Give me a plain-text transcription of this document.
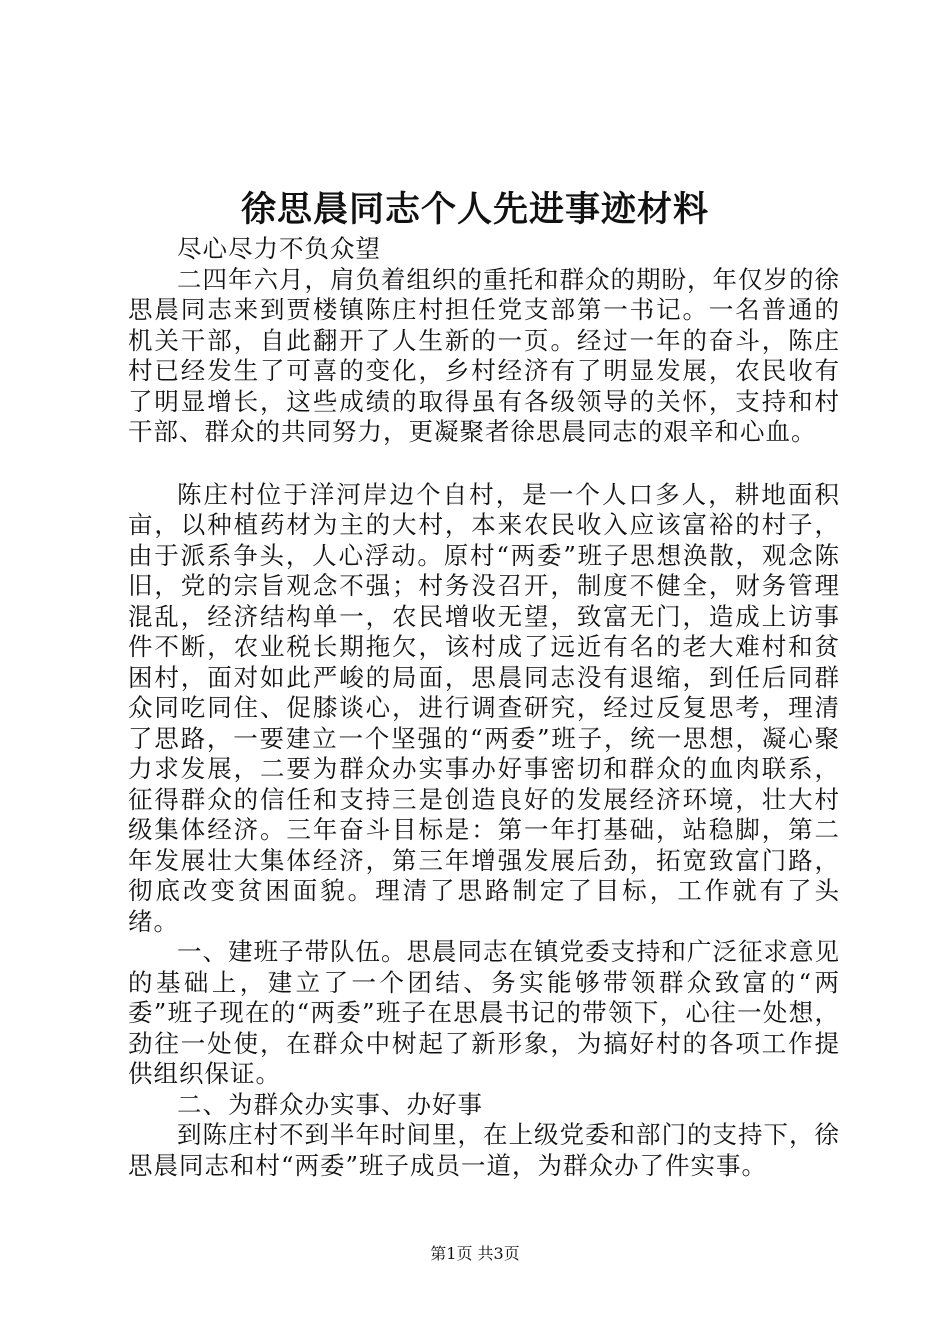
徐思晨同志个人先进事迹材料

尽心尽力不负众望

二四年六月，肩负着组织的重托和群众的期盼，年仅岁的徐思晨同志来到贾楼镇陈庄村担任党支部第一书记。一名普通的机关干部，自此翻开了人生新的一页。经过一年的奋斗，陈庄村已经发生了可喜的变化，乡村经济有了明显发展，农民收有了明显增长，这些成绩的取得虽有各级领导的关怀，支持和村干部、群众的共同努力，更凝聚者徐思晨同志的艰辛和心血。

陈庄村位于洋河岸边个自村，是一个人口多人，耕地面积亩，以种植药材为主的大村，本来农民收入应该富裕的村子，由于派系争头，人心浮动。原村“两委”班子思想涣散，观念陈旧，党的宗旨观念不强；村务没召开，制度不健全，财务管理混乱，经济结构单一，农民增收无望，致富无门，造成上访事件不断，农业税长期拖欠，该村成了远近有名的老大难村和贫困村，面对如此严峻的局面，思晨同志没有退缩，到任后同群众同吃同住、促膝谈心，进行调查研究，经过反复思考，理清了思路，一要建立一个坚强的“两委”班子，统一思想，凝心聚力求发展，二要为群众办实事办好事密切和群众的血肉联系，征得群众的信任和支持三是创造良好的发展经济环境，壮大村级集体经济。三年奋斗目标是：第一年打基础，站稳脚，第二年发展壮大集体经济，第三年增强发展后劲，拓宽致富门路，彻底改变贫困面貌。理清了思路制定了目标，工作就有了头绪。

一、建班子带队伍。思晨同志在镇党委支持和广泛征求意见的基础上，建立了一个团结、务实能够带领群众致富的“两委”班子现在的“两委”班子在思晨书记的带领下，心往一处想，劲往一处使，在群众中树起了新形象，为搞好村的各项工作提供组织保证。

二、为群众办实事、办好事

到陈庄村不到半年时间里，在上级党委和部门的支持下，徐思晨同志和村“两委”班子成员一道，为群众办了件实事。

第1页 共3页
